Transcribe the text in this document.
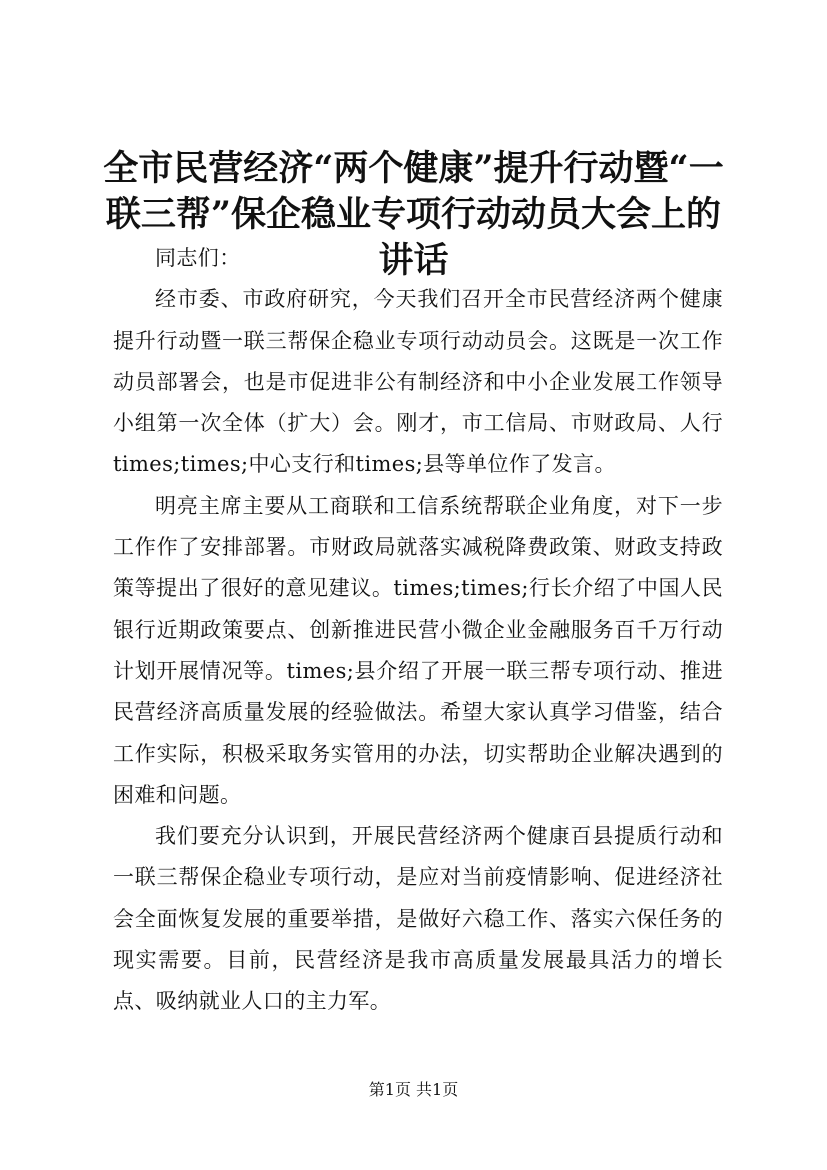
全市民营经济“两个健康”提升行动暨“一联三帮”保企稳业专项行动动员大会上的讲话

同志们：

经市委、市政府研究，今天我们召开全市民营经济两个健康提升行动暨一联三帮保企稳业专项行动动员会。这既是一次工作动员部署会，也是市促进非公有制经济和中小企业发展工作领导小组第一次全体（扩大）会。刚才，市工信局、市财政局、人行times;times;中心支行和times;县等单位作了发言。

明亮主席主要从工商联和工信系统帮联企业角度，对下一步工作作了安排部署。市财政局就落实减税降费政策、财政支持政策等提出了很好的意见建议。times;times;行长介绍了中国人民银行近期政策要点、创新推进民营小微企业金融服务百千万行动计划开展情况等。times;县介绍了开展一联三帮专项行动、推进民营经济高质量发展的经验做法。希望大家认真学习借鉴，结合工作实际，积极采取务实管用的办法，切实帮助企业解决遇到的困难和问题。

我们要充分认识到，开展民营经济两个健康百县提质行动和一联三帮保企稳业专项行动，是应对当前疫情影响、促进经济社会全面恢复发展的重要举措，是做好六稳工作、落实六保任务的现实需要。目前，民营经济是我市高质量发展最具活力的增长点、吸纳就业人口的主力军。

第1页 共1页
